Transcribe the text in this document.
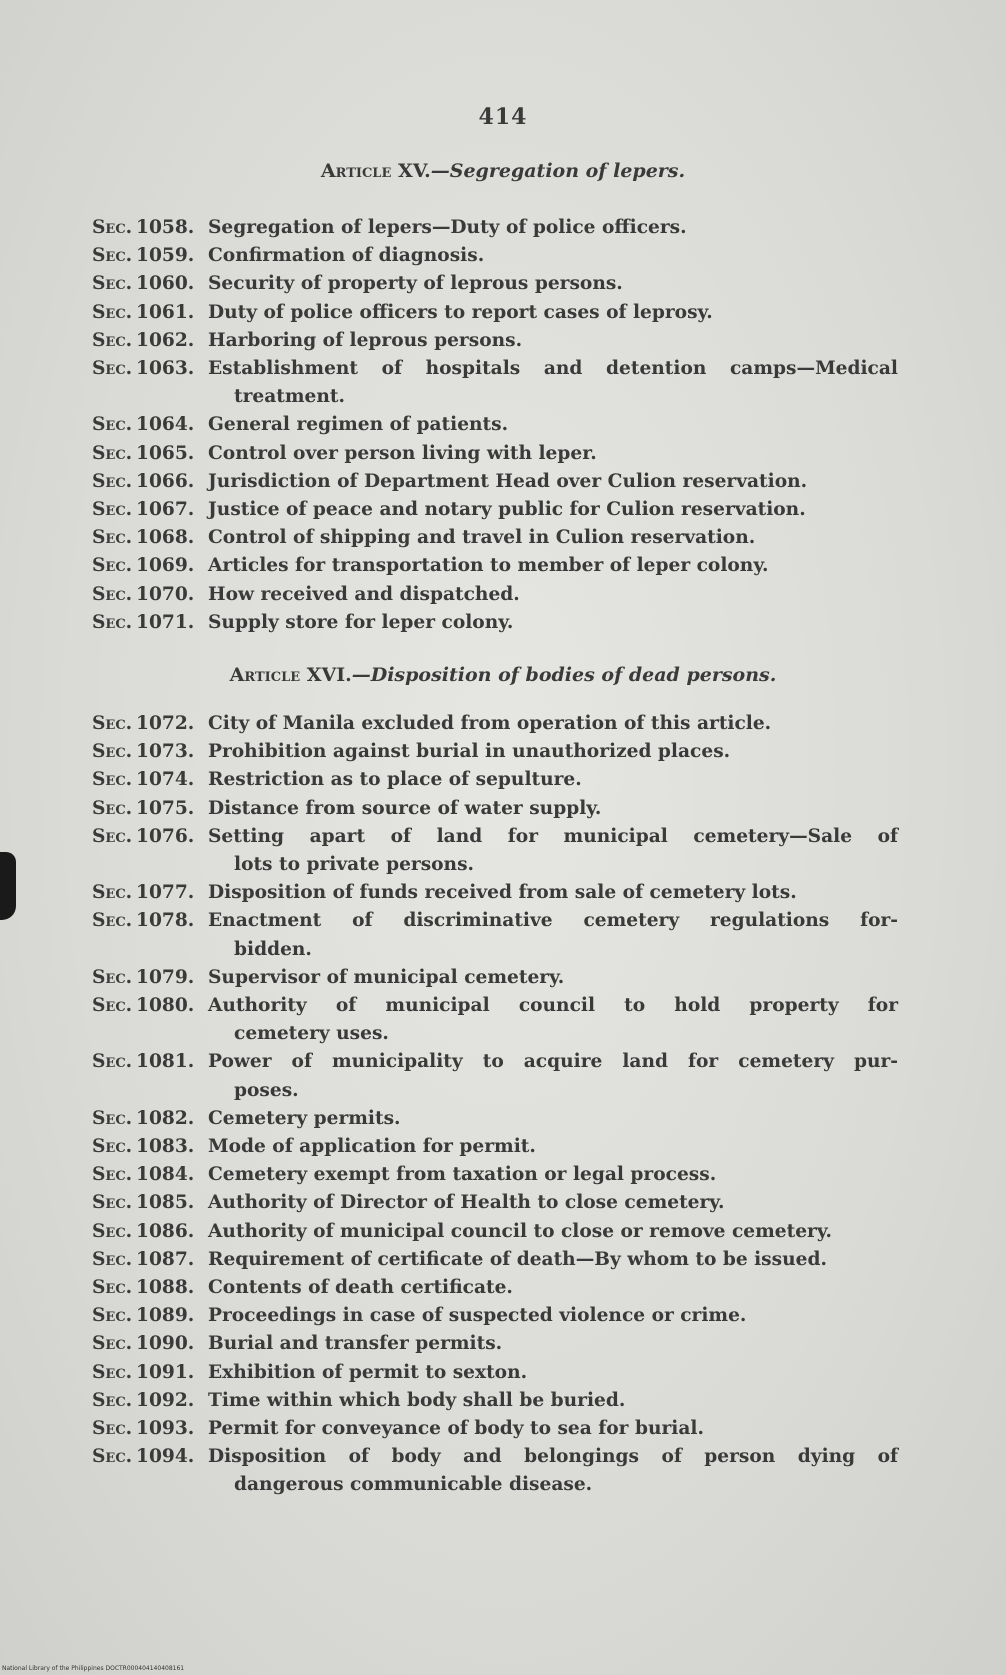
414
Article XV.—Segregation of lepers.
Sec. 1058. Segregation of lepers—Duty of police officers.
Sec. 1059. Confirmation of diagnosis.
Sec. 1060. Security of property of leprous persons.
Sec. 1061. Duty of police officers to report cases of leprosy.
Sec. 1062. Harboring of leprous persons.
Sec. 1063. Establishment of hospitals and detention camps—Medical
treatment.
Sec. 1064. General regimen of patients.
Sec. 1065. Control over person living with leper.
Sec. 1066. Jurisdiction of Department Head over Culion reservation.
Sec. 1067. Justice of peace and notary public for Culion reservation.
Sec. 1068. Control of shipping and travel in Culion reservation.
Sec. 1069. Articles for transportation to member of leper colony.
Sec. 1070. How received and dispatched.
Sec. 1071. Supply store for leper colony.
Article XVI.—Disposition of bodies of dead persons.
Sec. 1072. City of Manila excluded from operation of this article.
Sec. 1073. Prohibition against burial in unauthorized places.
Sec. 1074. Restriction as to place of sepulture.
Sec. 1075. Distance from source of water supply.
Sec. 1076. Setting apart of land for municipal cemetery—Sale of
lots to private persons.
Sec. 1077. Disposition of funds received from sale of cemetery lots.
Sec. 1078. Enactment of discriminative cemetery regulations for-
bidden.
Sec. 1079. Supervisor of municipal cemetery.
Sec. 1080. Authority of municipal council to hold property for
cemetery uses.
Sec. 1081. Power of municipality to acquire land for cemetery pur-
poses.
Sec. 1082. Cemetery permits.
Sec. 1083. Mode of application for permit.
Sec. 1084. Cemetery exempt from taxation or legal process.
Sec. 1085. Authority of Director of Health to close cemetery.
Sec. 1086. Authority of municipal council to close or remove cemetery.
Sec. 1087. Requirement of certificate of death—By whom to be issued.
Sec. 1088. Contents of death certificate.
Sec. 1089. Proceedings in case of suspected violence or crime.
Sec. 1090. Burial and transfer permits.
Sec. 1091. Exhibition of permit to sexton.
Sec. 1092. Time within which body shall be buried.
Sec. 1093. Permit for conveyance of body to sea for burial.
Sec. 1094. Disposition of body and belongings of person dying of
dangerous communicable disease.
National Library of the Philippines DOCTR000404140408161
